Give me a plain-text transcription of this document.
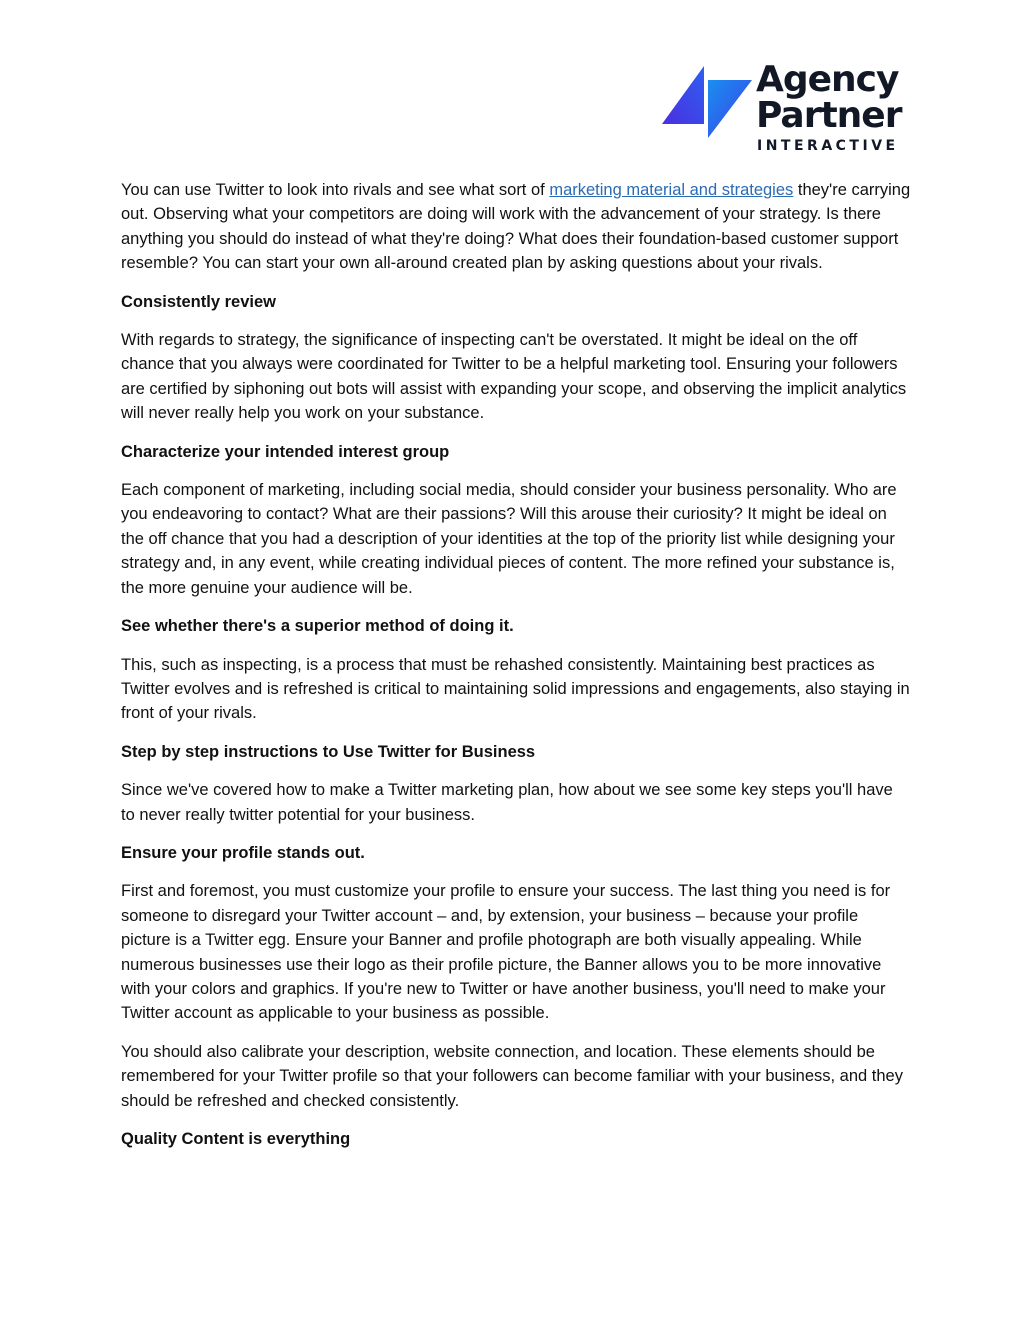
Agency
Partner
INTERACTIVE

You can use Twitter to look into rivals and see what sort of marketing material and strategies they're carrying out. Observing what your competitors are doing will work with the advancement of your strategy. Is there anything you should do instead of what they're doing? What does their foundation-based customer support resemble? You can start your own all-around created plan by asking questions about your rivals.

Consistently review

With regards to strategy, the significance of inspecting can't be overstated. It might be ideal on the off chance that you always were coordinated for Twitter to be a helpful marketing tool. Ensuring your followers are certified by siphoning out bots will assist with expanding your scope, and observing the implicit analytics will never really help you work on your substance.

Characterize your intended interest group

Each component of marketing, including social media, should consider your business personality. Who are you endeavoring to contact? What are their passions? Will this arouse their curiosity? It might be ideal on the off chance that you had a description of your identities at the top of the priority list while designing your strategy and, in any event, while creating individual pieces of content. The more refined your substance is, the more genuine your audience will be.

See whether there's a superior method of doing it.

This, such as inspecting, is a process that must be rehashed consistently. Maintaining best practices as Twitter evolves and is refreshed is critical to maintaining solid impressions and engagements, also staying in front of your rivals.

Step by step instructions to Use Twitter for Business

Since we've covered how to make a Twitter marketing plan, how about we see some key steps you'll have to never really twitter potential for your business.

Ensure your profile stands out.

First and foremost, you must customize your profile to ensure your success. The last thing you need is for someone to disregard your Twitter account – and, by extension, your business – because your profile picture is a Twitter egg. Ensure your Banner and profile photograph are both visually appealing. While numerous businesses use their logo as their profile picture, the Banner allows you to be more innovative with your colors and graphics. If you're new to Twitter or have another business, you'll need to make your Twitter account as applicable to your business as possible.

You should also calibrate your description, website connection, and location. These elements should be remembered for your Twitter profile so that your followers can become familiar with your business, and they should be refreshed and checked consistently.

Quality Content is everything
